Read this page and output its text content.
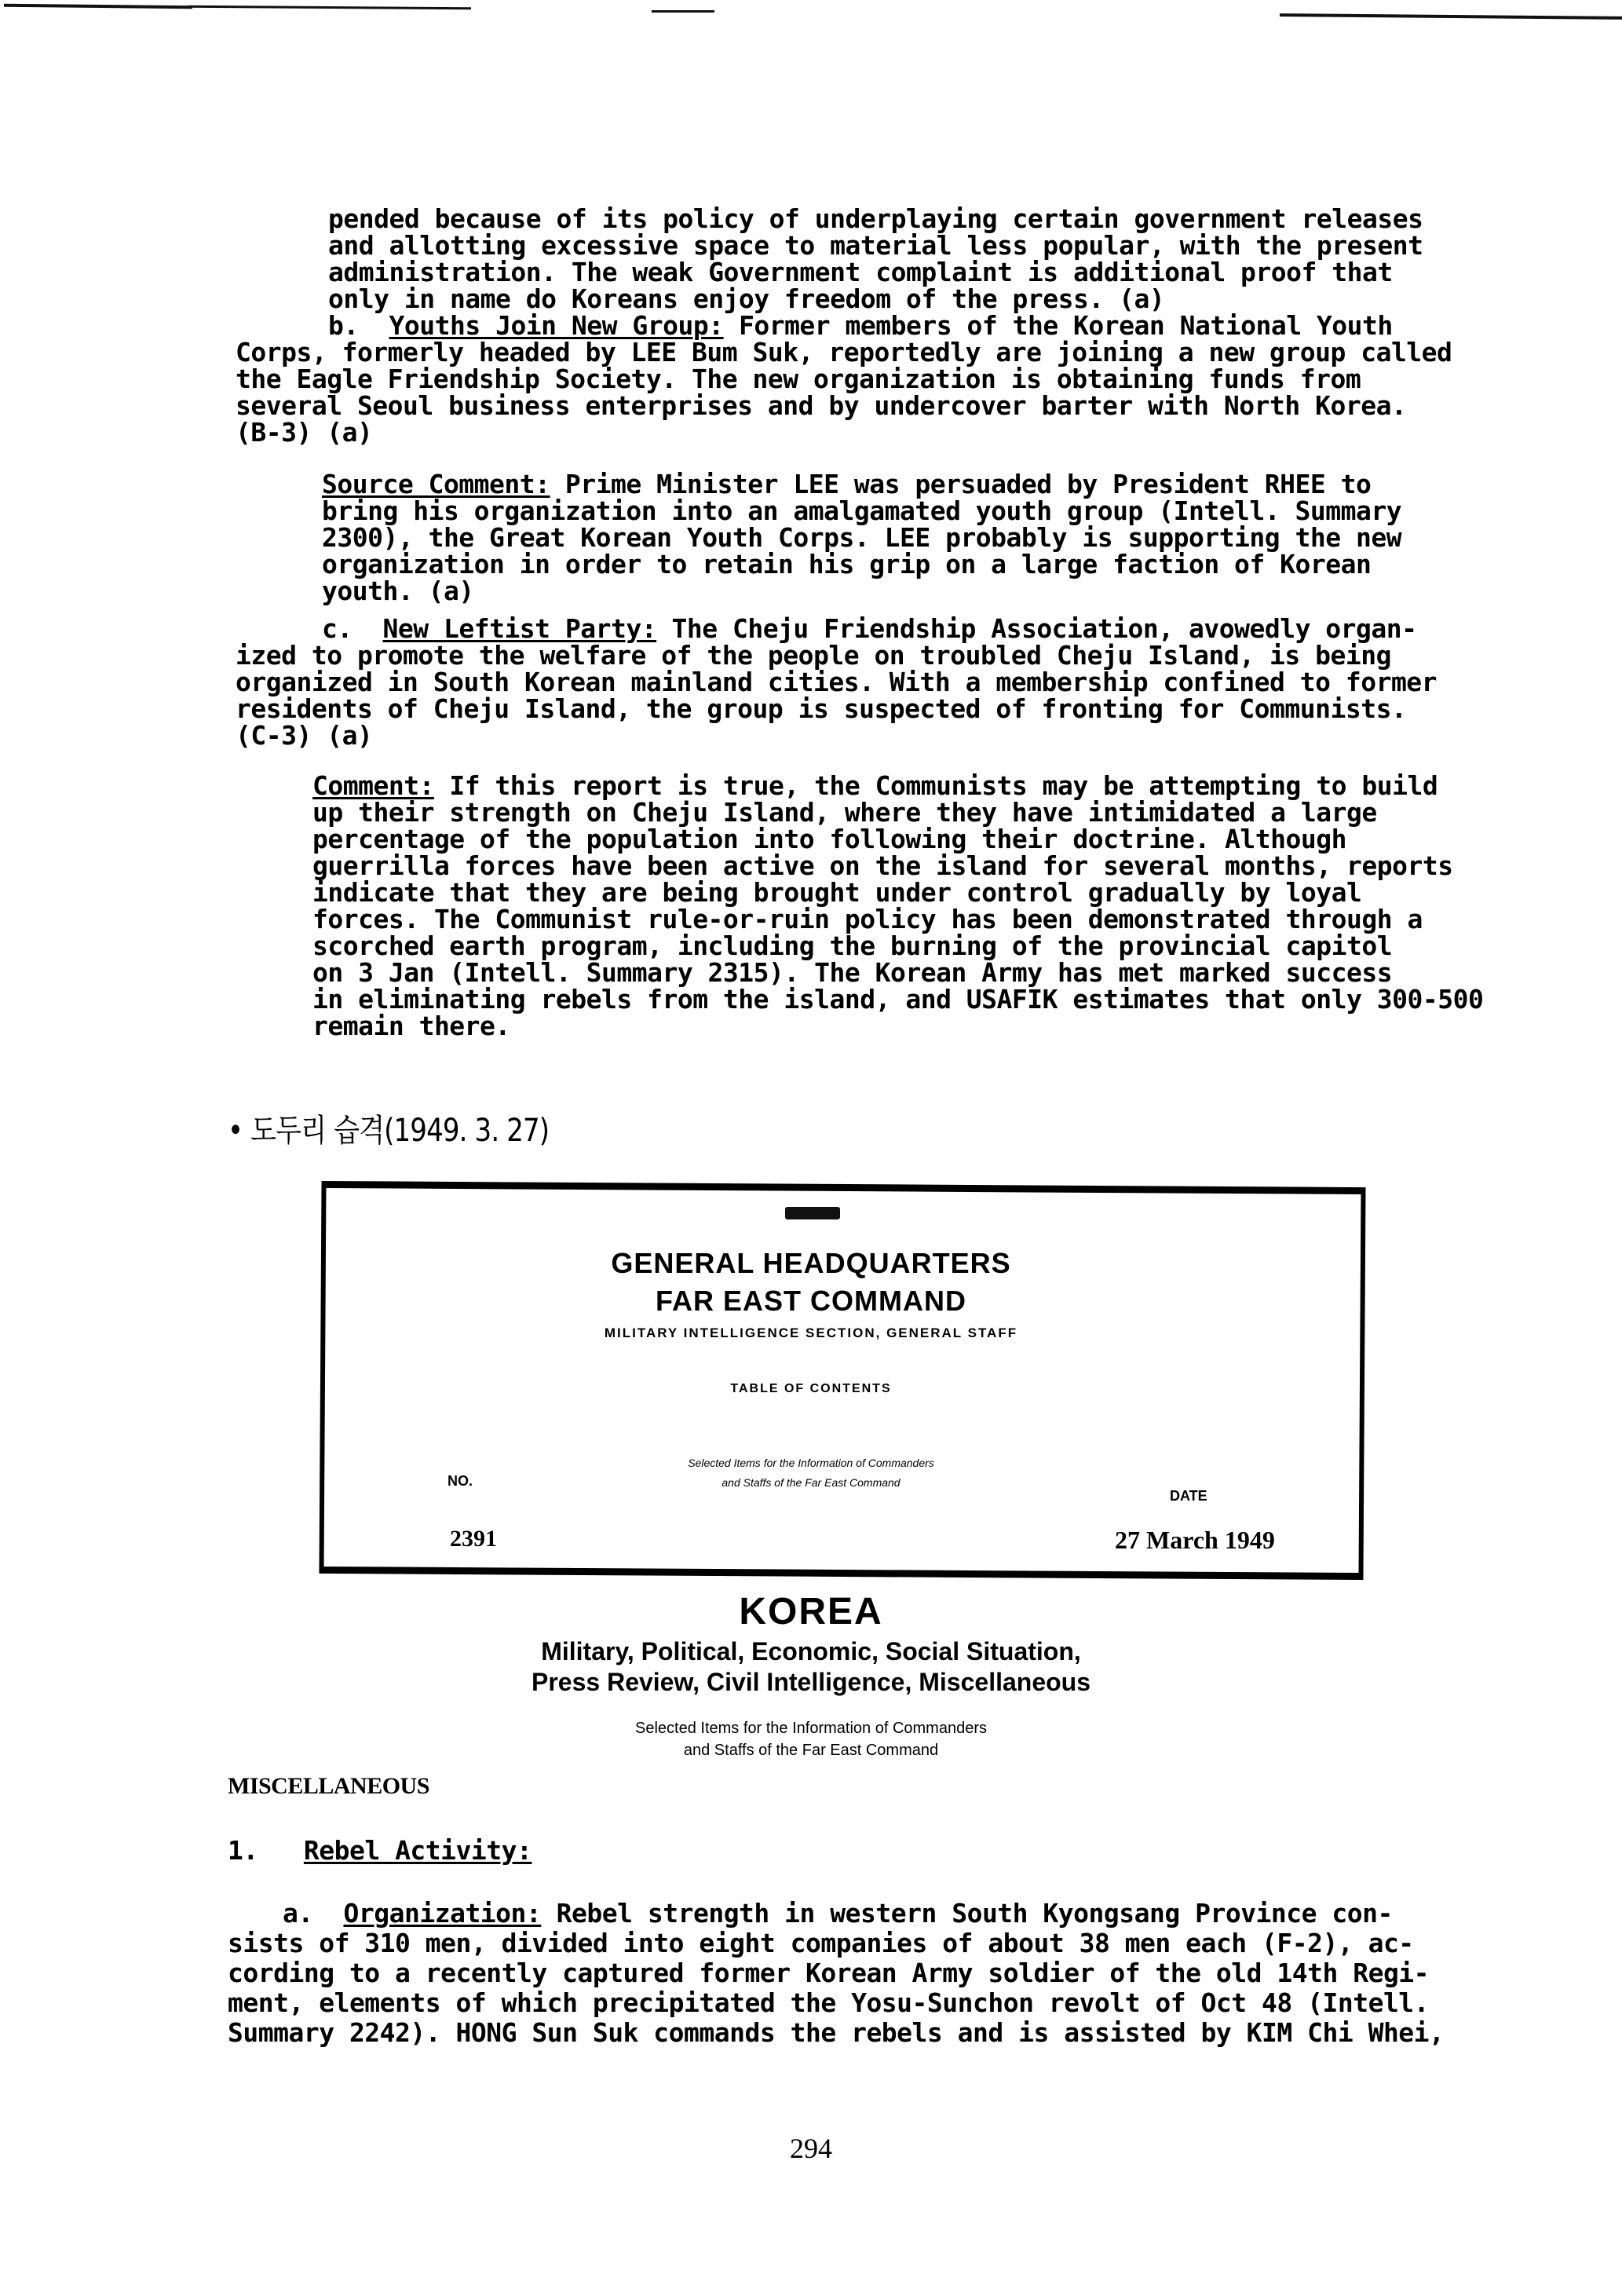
pended because of its policy of underplaying certain government releases
and allotting excessive space to material less popular, with the present
administration. The weak Government complaint is additional proof that
only in name do Koreans enjoy freedom of the press. (a)
b. Youths Join New Group: Former members of the Korean National Youth
Corps, formerly headed by LEE Bum Suk, reportedly are joining a new group called
the Eagle Friendship Society. The new organization is obtaining funds from
several Seoul business enterprises and by undercover barter with North Korea.
(B-3) (a)
Source Comment: Prime Minister LEE was persuaded by President RHEE to
bring his organization into an amalgamated youth group (Intell. Summary
2300), the Great Korean Youth Corps. LEE probably is supporting the new
organization in order to retain his grip on a large faction of Korean
youth. (a)
c. New Leftist Party: The Cheju Friendship Association, avowedly organ-
ized to promote the welfare of the people on troubled Cheju Island, is being
organized in South Korean mainland cities. With a membership confined to former
residents of Cheju Island, the group is suspected of fronting for Communists.
(C-3) (a)
Comment: If this report is true, the Communists may be attempting to build
up their strength on Cheju Island, where they have intimidated a large
percentage of the population into following their doctrine. Although
guerrilla forces have been active on the island for several months, reports
indicate that they are being brought under control gradually by loyal
forces. The Communist rule-or-ruin policy has been demonstrated through a
scorched earth program, including the burning of the provincial capitol
on 3 Jan (Intell. Summary 2315). The Korean Army has met marked success
in eliminating rebels from the island, and USAFIK estimates that only 300-500
remain there.
• 도두리 습격(1949. 3. 27)
GENERAL HEADQUARTERS
FAR EAST COMMAND
MILITARY INTELLIGENCE SECTION, GENERAL STAFF
TABLE OF CONTENTS
Selected Items for the Information of Commanders
and Staffs of the Far East Command
NO.
2391
DATE
27 March 1949
KOREA
Military, Political, Economic, Social Situation,
Press Review, Civil Intelligence, Miscellaneous
Selected Items for the Information of Commanders
and Staffs of the Far East Command
MISCELLANEOUS
1. Rebel Activity:
a. Organization: Rebel strength in western South Kyongsang Province con-
sists of 310 men, divided into eight companies of about 38 men each (F-2), ac-
cording to a recently captured former Korean Army soldier of the old 14th Regi-
ment, elements of which precipitated the Yosu-Sunchon revolt of Oct 48 (Intell.
Summary 2242). HONG Sun Suk commands the rebels and is assisted by KIM Chi Whei,
294
